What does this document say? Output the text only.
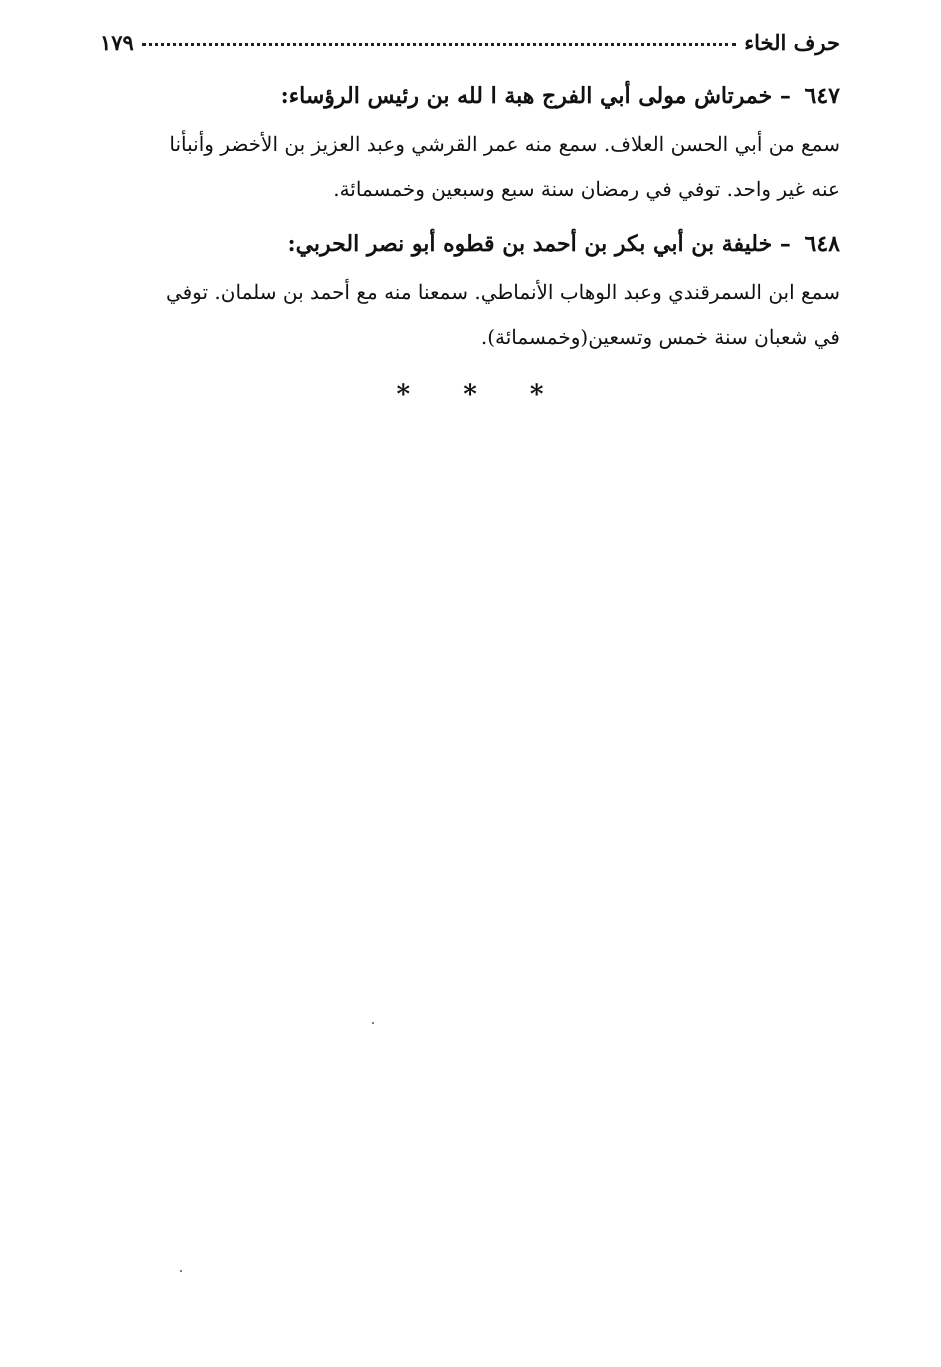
حرف الخاء
١٧٩
٦٤٧ – خمرتاش مولى أبي الفرج هبة ا لله بن رئيس الرؤساء:
سمع من أبي الحسن العلاف. سمع منه عمر القرشي وعبد العزيز بن الأخضر وأنبأنا
عنه غير واحد. توفي في رمضان سنة سبع وسبعين وخمسمائة.
٦٤٨ – خليفة بن أبي بكر بن أحمد بن قطوه أبو نصر الحربي:
سمع ابن السمرقندي وعبد الوهاب الأنماطي. سمعنا منه مع أحمد بن سلمان. توفي
في شعبان سنة خمس وتسعين(وخمسمائة).
* * *
